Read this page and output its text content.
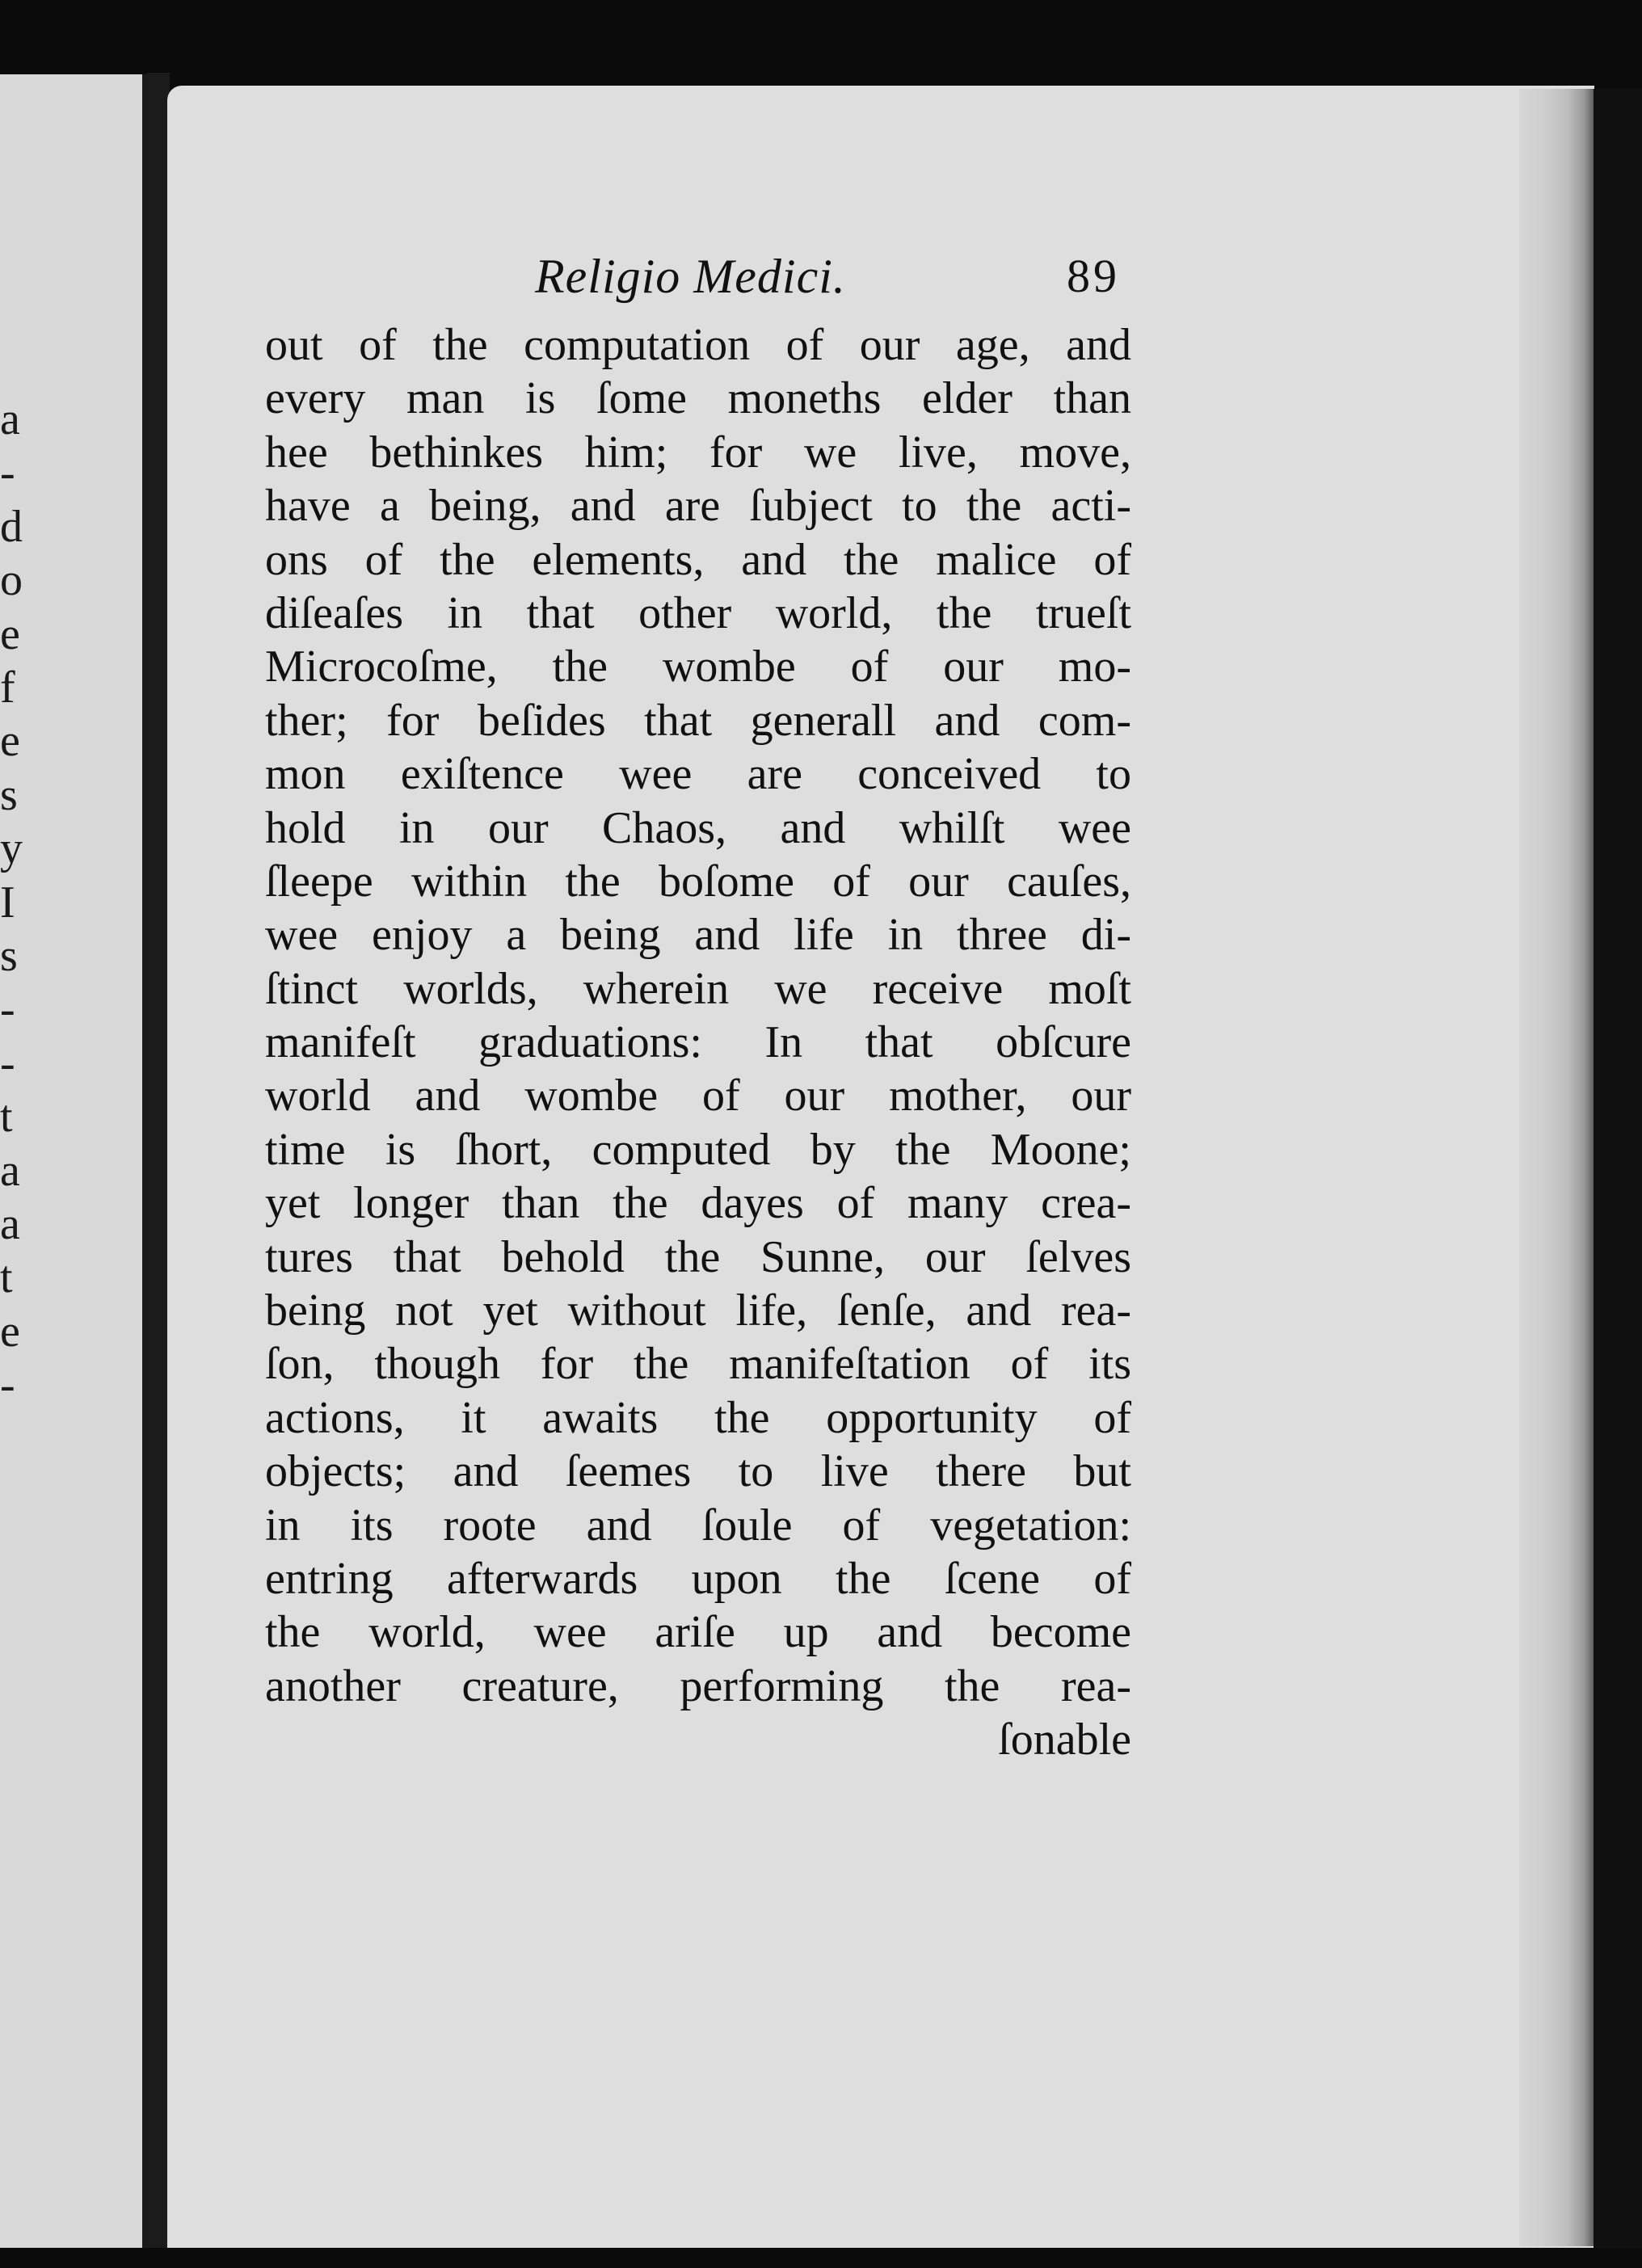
a
-
d
o
e
f
e
s
y
I
s
-
-
t
a
a
t
e
-
Religio Medici.	89
out of the computation of our age, and
every man is ſome moneths elder than
hee bethinkes him; for we live, move,
have a being, and are ſubject to the acti-
ons of the elements, and the malice of
diſeaſes in that other world, the trueſt
Microcoſme, the wombe of our mo-
ther; for beſides that generall and com-
mon exiſtence wee are conceived to
hold in our Chaos, and whilſt wee
ſleepe within the boſome of our cauſes,
wee enjoy a being and life in three di-
ſtinct worlds, wherein we receive moſt
manifeſt graduations: In that obſcure
world and wombe of our mother, our
time is ſhort, computed by the Moone;
yet longer than the dayes of many crea-
tures that behold the Sunne, our ſelves
being not yet without life, ſenſe, and rea-
ſon, though for the manifeſtation of its
actions, it awaits the opportunity of
objects; and ſeemes to live there but
in its roote and ſoule of vegetation:
entring afterwards upon the ſcene of
the world, wee ariſe up and become
another creature, performing the rea-
ſonable
